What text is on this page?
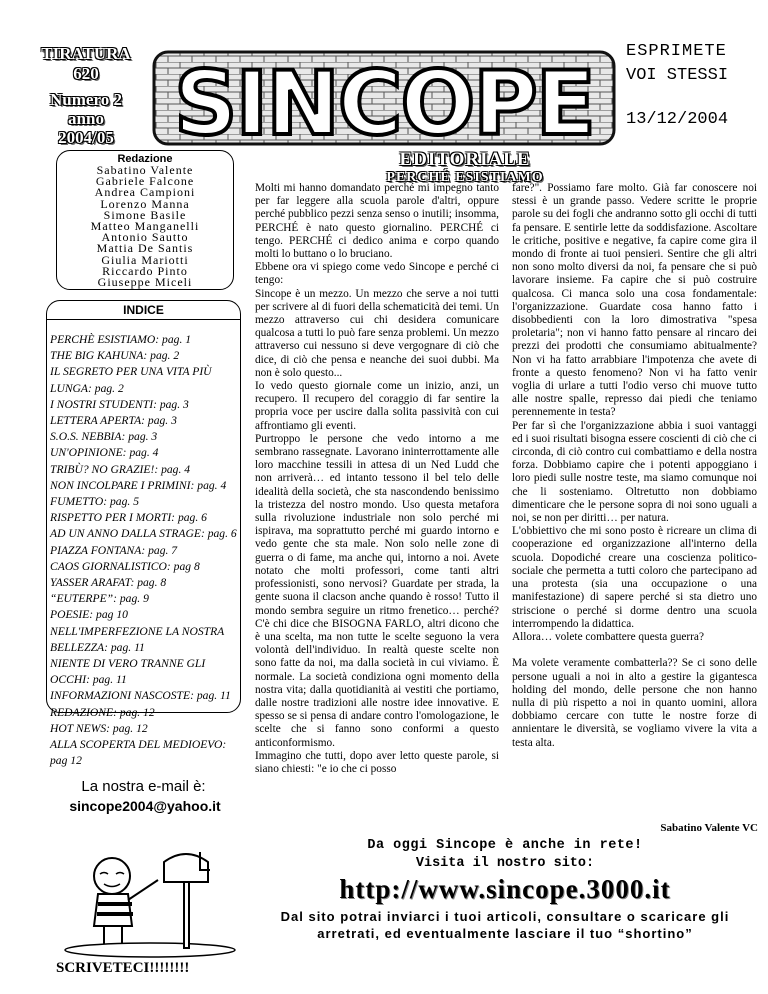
TIRATURA
620
Numero 2
anno
2004/05 SINCOPE
ESPRIMETE
VOI STESSI
13/12/2004
Redazione
Sabatino Valente
Gabriele Falcone
Andrea Campioni
Lorenzo Manna
Simone Basile
Matteo Manganelli
Antonio Sautto
Mattia De Santis
Giulia Mariotti
Riccardo Pinto
Giuseppe Miceli
INDICE
PERCHÈ ESISTIAMO: pag. 1
THE BIG KAHUNA: pag. 2
IL SEGRETO PER UNA VITA PIÙ LUNGA: pag. 2
I NOSTRI STUDENTI: pag. 3
LETTERA APERTA: pag. 3
S.O.S. NEBBIA: pag. 3
UN'OPINIONE: pag. 4
TRIBÙ? NO GRAZIE!: pag. 4
NON INCOLPARE I PRIMINI: pag. 4
FUMETTO: pag. 5
RISPETTO PER I MORTI: pag. 6
AD UN ANNO DALLA STRAGE: pag. 6
PIAZZA FONTANA: pag. 7
CAOS GIORNALISTICO: pag 8
YASSER ARAFAT: pag. 8
“EUTERPE”: pag. 9
POESIE: pag 10
NELL'IMPERFEZIONE LA NOSTRA BELLEZZA: pag. 11
NIENTE DI VERO TRANNE GLI OCCHI: pag. 11
INFORMAZIONI NASCOSTE: pag. 11
REDAZIONE: pag. 12
HOT NEWS: pag. 12
ALLA SCOPERTA DEL MEDIOEVO: pag 12
La nostra e-mail è:
sincope2004@yahoo.it
SCRIVETECI!!!!!!!!
EDITORIALE
PERCHÉ ESISTIAMO
Molti mi hanno domandato perché mi impegno tanto per far leggere alla scuola parole d'altri, oppure perché pubblico pezzi senza senso o inutili; insomma, PERCHÉ è nato questo giornalino. PERCHÉ ci tengo. PERCHÉ ci dedico anima e corpo quando molti lo buttano o lo bruciano.
Ebbene ora vi spiego come vedo Sincope e perché ci tengo:
Sincope è un mezzo. Un mezzo che serve a noi tutti per scrivere al di fuori della schematicità dei temi. Un mezzo attraverso cui chi desidera comunicare qualcosa a tutti lo può fare senza problemi. Un mezzo attraverso cui nessuno si deve vergognare di ciò che dice, di ciò che pensa e neanche dei suoi dubbi. Ma non è solo questo...
Io vedo questo giornale come un inizio, anzi, un recupero. Il recupero del coraggio di far sentire la propria voce per uscire dalla solita passività con cui affrontiamo gli eventi.
Purtroppo le persone che vedo intorno a me sembrano rassegnate. Lavorano ininterrottamente alle loro macchine tessili in attesa di un Ned Ludd che non arriverà… ed intanto tessono il bel telo delle idealità della società, che sta nascondendo benissimo la tristezza del nostro mondo. Uso questa metafora sulla rivoluzione industriale non solo perché mi ispirava, ma soprattutto perché mi guardo intorno e vedo gente che sta male. Non solo nelle zone di guerra o di fame, ma anche qui, intorno a noi. Avete notato che molti professori, come tanti altri professionisti, sono nervosi? Guardate per strada, la gente suona il clacson anche quando è rosso! Tutto il mondo sembra seguire un ritmo frenetico… perché? C'è chi dice che BISOGNA FARLO, altri dicono che è una scelta, ma non tutte le scelte seguono la vera volontà dell'individuo. In realtà queste scelte non sono fatte da noi, ma dalla società in cui viviamo. È normale. La società condiziona ogni momento della nostra vita; dalla quotidianità ai vestiti che portiamo, dalle nostre tradizioni alle nostre idee innovative. E spesso se si pensa di andare contro l'omologazione, le scelte che si fanno sono conformi a questo anticonformismo.
Immagino che tutti, dopo aver letto queste parole, si siano chiesti: "e io che ci posso
fare?". Possiamo fare molto. Già far conoscere noi stessi è un grande passo. Vedere scritte le proprie parole su dei fogli che andranno sotto gli occhi di tutti fa pensare. E sentirle lette da soddisfazione. Ascoltare le critiche, positive e negative, fa capire come gira il mondo di fronte ai tuoi pensieri. Sentire che gli altri non sono molto diversi da noi, fa pensare che si può lavorare insieme. Fa capire che si può costruire qualcosa. Ci manca solo una cosa fondamentale: l'organizzazione. Guardate cosa hanno fatto i disobbedienti con la loro dimostrativa "spesa proletaria"; non vi hanno fatto pensare al rincaro dei prezzi dei prodotti che consumiamo abitualmente? Non vi ha fatto arrabbiare l'impotenza che avete di fronte a questo fenomeno? Non vi ha fatto venir voglia di urlare a tutti l'odio verso chi muove tutto alle nostre spalle, represso dai piedi che teniamo perennemente in testa?
Per far sì che l'organizzazione abbia i suoi vantaggi ed i suoi risultati bisogna essere coscienti di ciò che ci circonda, di ciò contro cui combattiamo e della nostra forza. Dobbiamo capire che i potenti appoggiano i loro piedi sulle nostre teste, ma siamo comunque noi che li sosteniamo. Oltretutto non dobbiamo dimenticare che le persone sopra di noi sono uguali a noi, se non per diritti… per natura.
L'obbiettivo che mi sono posto è ricreare un clima di cooperazione ed organizzazione all'interno della scuola. Dopodiché creare una coscienza politico-sociale che permetta a tutti coloro che partecipano ad una protesta (sia una occupazione o una manifestazione) di sapere perché si sta dietro uno striscione o perché si dorme dentro una scuola interrompendo la didattica.
Allora… volete combattere questa guerra?

Ma volete veramente combatterla?? Se ci sono delle persone uguali a noi in alto a gestire la gigantesca holding del mondo, delle persone che non hanno nulla di più rispetto a noi in quanto uomini, allora dobbiamo cercare con tutte le nostre forze di annientare le diversità, se vogliamo vivere la vita a testa alta.
Sabatino Valente VC
Da oggi Sincope è anche in rete!
Visita il nostro sito:
http://www.sincope.3000.it
Dal sito potrai inviarci i tuoi articoli, consultare o scaricare gli arretrati, ed eventualmente lasciare il tuo “shortino”
